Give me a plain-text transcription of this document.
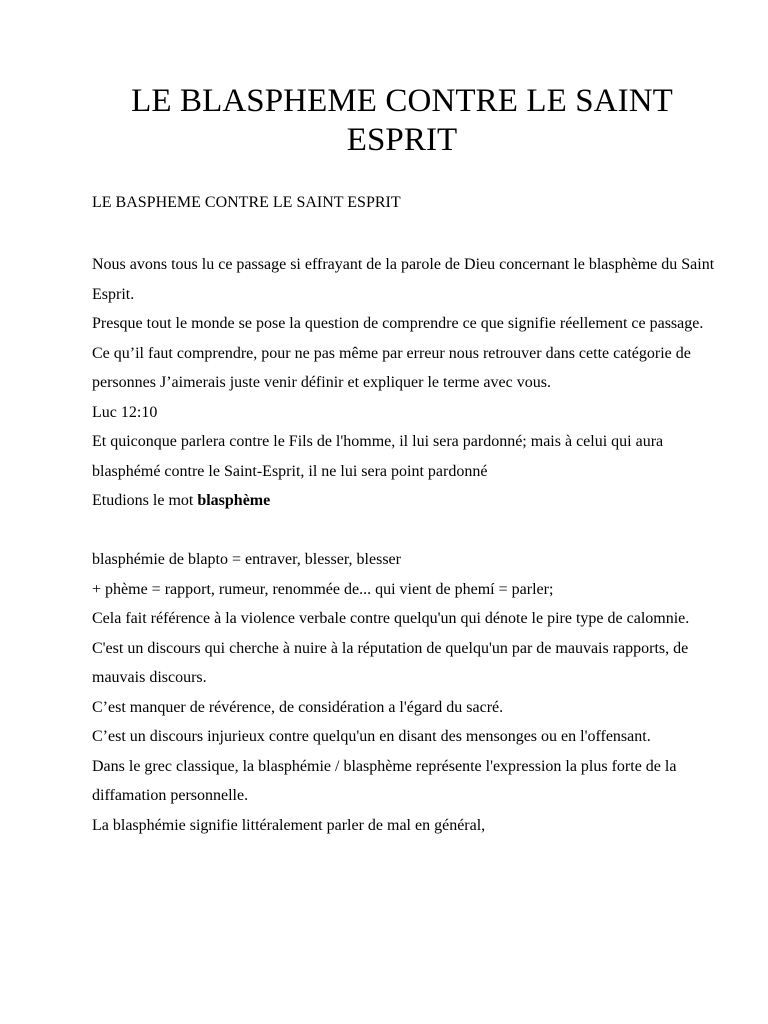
LE BLASPHEME CONTRE LE SAINT ESPRIT

LE BASPHEME CONTRE LE SAINT ESPRIT

Nous avons tous lu ce passage si effrayant de la parole de Dieu concernant le blasphème du Saint Esprit.

Presque tout le monde se pose la question de comprendre ce que signifie réellement ce passage.

Ce qu’il faut comprendre, pour ne pas même par erreur nous retrouver dans cette catégorie de personnes J’aimerais juste venir définir et expliquer le terme avec vous.

Luc 12:10

Et quiconque parlera contre le Fils de l'homme, il lui sera pardonné; mais à celui qui aura blasphémé contre le Saint-Esprit, il ne lui sera point pardonné

Etudions le mot blasphème

blasphémie de blapto = entraver, blesser, blesser

+ phème = rapport, rumeur, renommée de... qui vient de phemí = parler;

Cela fait référence à la violence verbale contre quelqu'un qui dénote le pire type de calomnie.

C'est un discours qui cherche à nuire à la réputation de quelqu'un par de mauvais rapports, de mauvais discours.

C’est manquer de révérence, de considération a l'égard du sacré.

C’est un discours injurieux contre quelqu'un en disant des mensonges ou en l'offensant.

Dans le grec classique, la blasphémie / blasphème représente l'expression la plus forte de la diffamation personnelle.

La blasphémie signifie littéralement parler de mal en général,
